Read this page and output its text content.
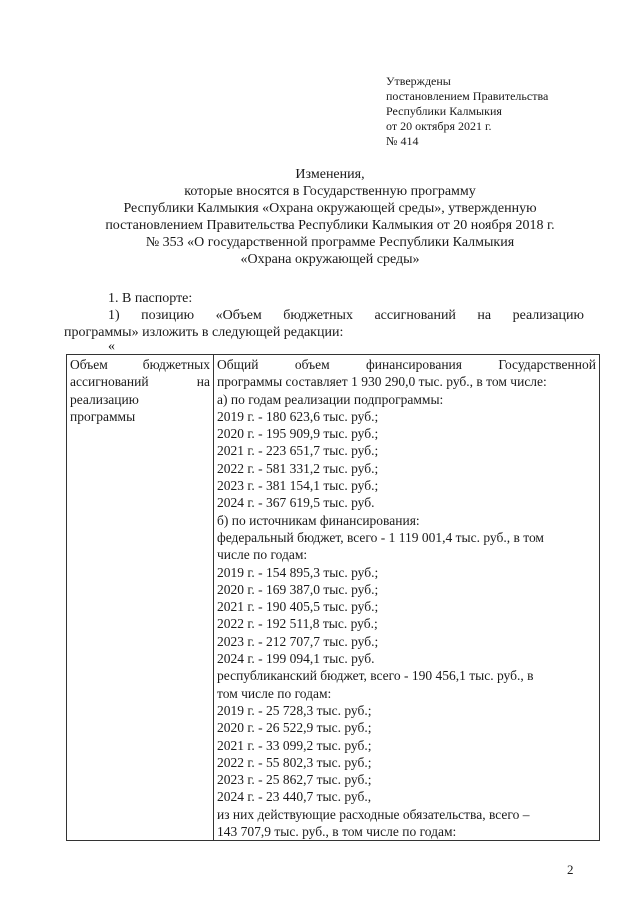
Утверждены
постановлением Правительства
Республики Калмыкия
от 20 октября 2021 г.
№ 414
Изменения,
которые вносятся в Государственную программу
Республики Калмыкия «Охрана окружающей среды», утвержденную
постановлением Правительства Республики Калмыкия от 20 ноября 2018 г.
№ 353 «О государственной программе Республики Калмыкия
«Охрана окружающей среды»
1. В паспорте:
1) позицию «Объем бюджетных ассигнований на реализацию
программы» изложить в следующей редакции:
«
Объем	бюджетных
ассигнований	на
реализацию
программы

Общий	объем	финансирования	Государственной
программы составляет 1 930 290,0 тыс. руб., в том числе:
а) по годам реализации подпрограммы:
2019 г. - 180 623,6 тыс. руб.;
2020 г. - 195 909,9 тыс. руб.;
2021 г. - 223 651,7 тыс. руб.;
2022 г. - 581 331,2 тыс. руб.;
2023 г. - 381 154,1 тыс. руб.;
2024 г. - 367 619,5 тыс. руб.
б) по источникам финансирования:
федеральный бюджет, всего - 1 119 001,4 тыс. руб., в том
числе по годам:
2019 г. - 154 895,3 тыс. руб.;
2020 г. - 169 387,0 тыс. руб.;
2021 г. - 190 405,5 тыс. руб.;
2022 г. - 192 511,8 тыс. руб.;
2023 г. - 212 707,7 тыс. руб.;
2024 г. - 199 094,1 тыс. руб.
республиканский бюджет, всего - 190 456,1 тыс. руб., в
том числе по годам:
2019 г. - 25 728,3 тыс. руб.;
2020 г. - 26 522,9 тыс. руб.;
2021 г. - 33 099,2 тыс. руб.;
2022 г. - 55 802,3 тыс. руб.;
2023 г. - 25 862,7 тыс. руб.;
2024 г. - 23 440,7 тыс. руб.,
из них действующие расходные обязательства, всего –
143 707,9 тыс. руб., в том числе по годам:
2
